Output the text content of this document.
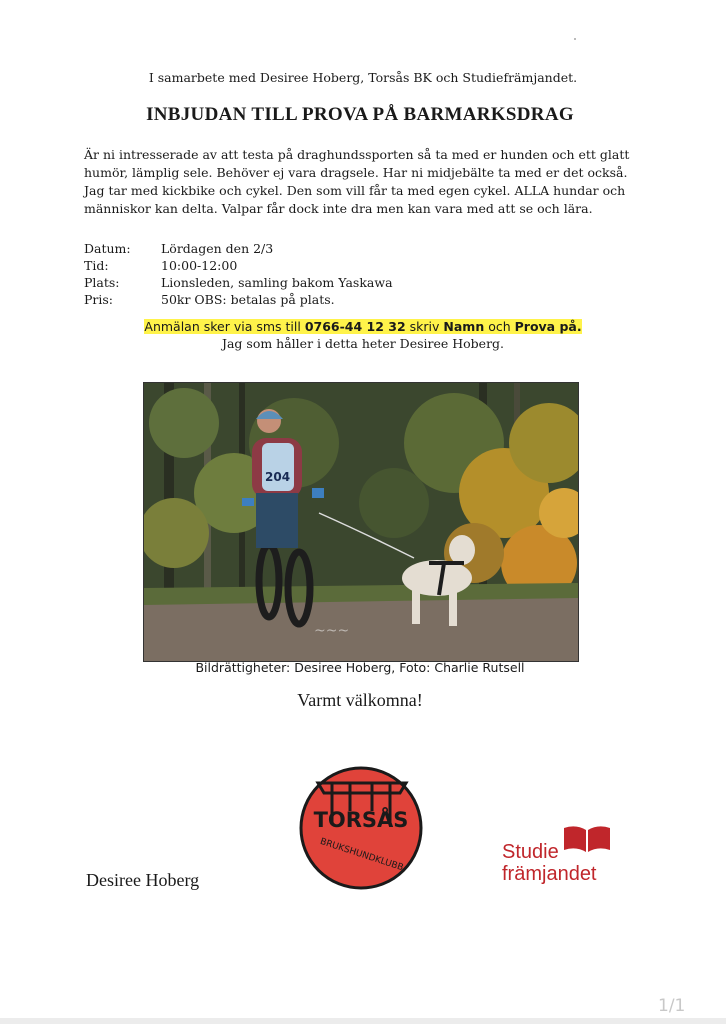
I samarbete med Desiree Hoberg, Torsås BK och Studiefrämjandet.
INBJUDAN TILL PROVA PÅ BARMARKSDRAG
Är ni intresserade av att testa på draghundssporten så ta med er hunden och ett glatt humör, lämplig sele. Behöver ej vara dragsele. Har ni midjebälte ta med er det också. Jag tar med kickbike och cykel. Den som vill får ta med egen cykel. ALLA hundar och människor kan delta. Valpar får dock inte dra men kan vara med att se och lära.
Datum:	Lördagen den 2/3
Tid:	10:00-12:00
Plats:	Lionsleden, samling bakom Yaskawa
Pris:	50kr OBS: betalas på plats.
Anmälan sker via sms till 0766-44 12 32 skriv Namn och Prova på.
Jag som håller i detta heter Desiree Hoberg.
204
~~~
Bildrättigheter: Desiree Hoberg, Foto: Charlie Rutsell
Varmt välkomna!
TORSÅS
BRUKSHUNDKLUBB	Studie
främjandet
Desiree Hoberg
1/1
